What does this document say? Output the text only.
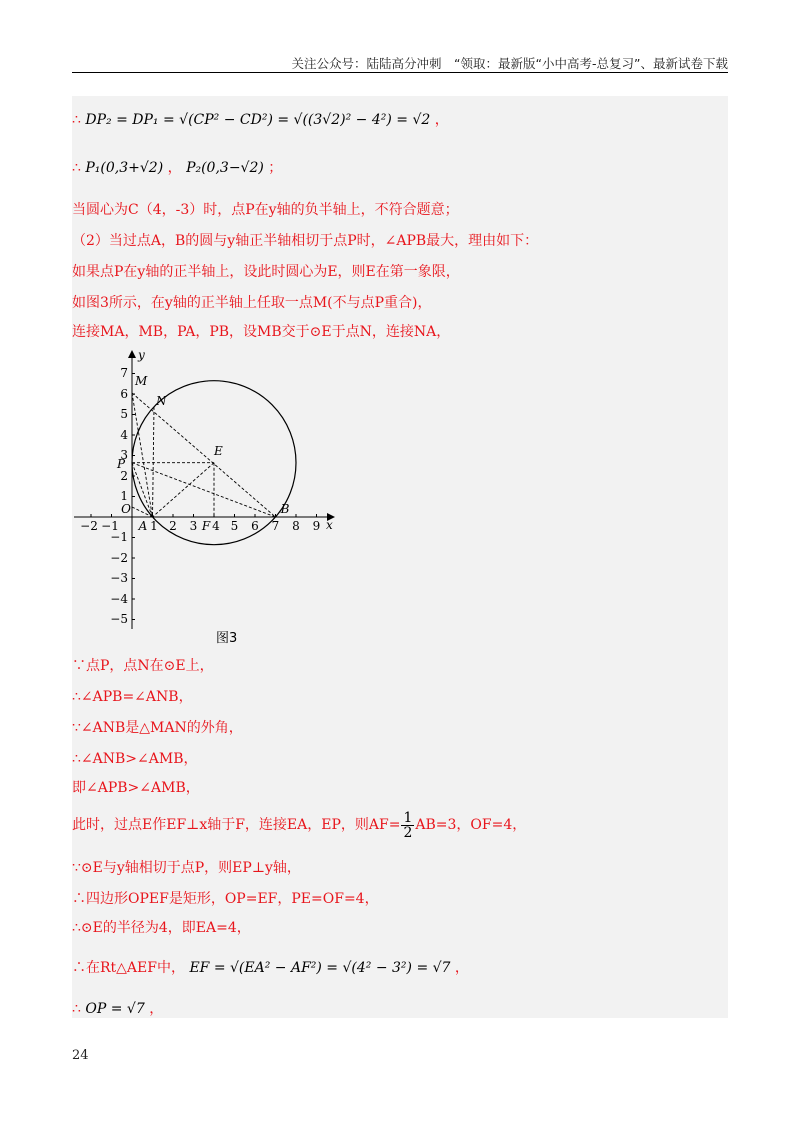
关注公众号：陆陆高分冲刺　“领取：最新版“小中高考-总复习”、最新试卷下载
∴ DP₂ = DP₁ = √(CP² − CD²) = √((3√2)² − 4²) = √2 ，
∴ P₁(0,3+√2) ， P₂(0,3−√2) ；
当圆心为C（4，-3）时，点P在y轴的负半轴上，不符合题意；
（2）当过点A，B的圆与y轴正半轴相切于点P时，∠APB最大，理由如下：
如果点P在y轴的正半轴上，设此时圆心为E，则E在第一象限，
如图3所示，在y轴的正半轴上任取一点M(不与点P重合)，
连接MA，MB，PA，PB，设MB交于⊙E于点N，连接NA，
M
N
E
P
x
y
−2 −1
O
A 1 2 3 F 4 5 6 7
B
8 9
7
6
5
4
3
2
1
−1
−2
−3
−4
−5
图3
∵点P，点N在⊙E上，
∴∠APB=∠ANB，
∵∠ANB是△MAN的外角，
∴∠ANB>∠AMB，
即∠APB>∠AMB，
此时，过点E作EF⊥x轴于F，连接EA，EP，则$AF= \frac{1}{2} AB=3$，OF=4，
∵⊙E与y轴相切于点P，则EP⊥y轴，
∴四边形OPEF是矩形，OP=EF，PE=OF=4，
∴⊙E的半径为4，即EA=4，
∴在Rt△AEF中， EF = √(EA² − AF²) = √(4² − 3²) = √7 ，
∴ OP = √7 ，
24
